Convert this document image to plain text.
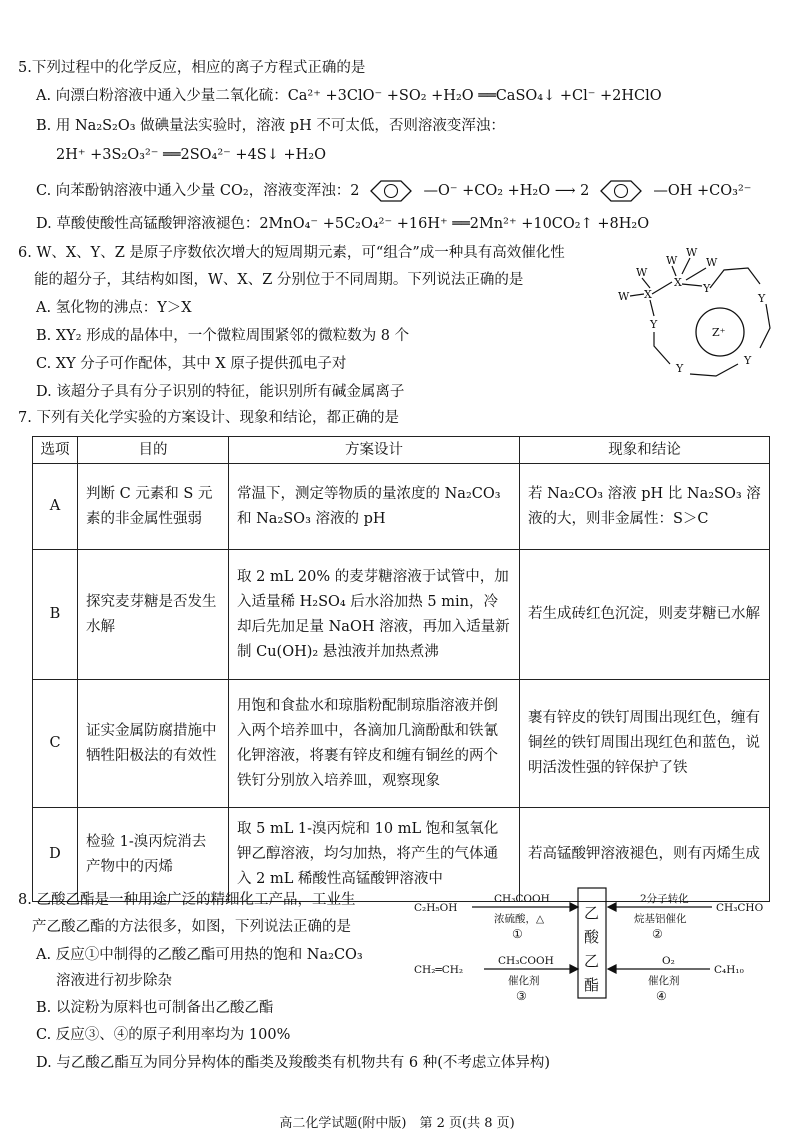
5.下列过程中的化学反应，相应的离子方程式正确的是
A. 向漂白粉溶液中通入少量二氧化硫：Ca²⁺ +3ClO⁻ +SO₂ +H₂O ══CaSO₄↓ +Cl⁻ +2HClO
B. 用 Na₂S₂O₃ 做碘量法实验时，溶液 pH 不可太低，否则溶液变浑浊：
2H⁺ +3S₂O₃²⁻ ══2SO₄²⁻ +4S↓ +H₂O
C. 向苯酚钠溶液中通入少量 CO₂，溶液变浑浊：2	—O⁻ +CO₂ +H₂O ⟶ 2	—OH +CO₃²⁻
D. 草酸使酸性高锰酸钾溶液褪色：2MnO₄⁻ +5C₂O₄²⁻ +16H⁺ ══2Mn²⁺ +10CO₂↑ +8H₂O
6. W、X、Y、Z 是原子序数依次增大的短周期元素，可“组合”成一种具有高效催化性
能的超分子，其结构如图，W、X、Z 分别位于不同周期。下列说法正确的是
A. 氢化物的沸点：Y＞X
B. XY₂ 形成的晶体中，一个微粒周围紧邻的微粒数为 8 个
C. XY 分子可作配体，其中 X 原子提供孤电子对
D. 该超分子具有分子识别的特征，能识别所有碱金属离子
W
W
W
W
W
X
X Y
Y
Y
Y
Y
Z⁺
7. 下列有关化学实验的方案设计、现象和结论，都正确的是
选项	目的	方案设计	现象和结论
A	判断 C 元素和 S 元素的非金属性强弱	常温下，测定等物质的量浓度的 Na₂CO₃ 和 Na₂SO₃ 溶液的 pH	若 Na₂CO₃ 溶液 pH 比 Na₂SO₃ 溶液的大，则非金属性：S＞C
B	探究麦芽糖是否发生水解	取 2 mL 20% 的麦芽糖溶液于试管中，加入适量稀 H₂SO₄ 后水浴加热 5 min，冷却后先加足量 NaOH 溶液，再加入适量新制 Cu(OH)₂ 悬浊液并加热煮沸	若生成砖红色沉淀，则麦芽糖已水解
C	证实金属防腐措施中牺牲阳极法的有效性	用饱和食盐水和琼脂粉配制琼脂溶液并倒入两个培养皿中，各滴加几滴酚酞和铁氰化钾溶液，将裹有锌皮和缠有铜丝的两个铁钉分别放入培养皿，观察现象	裹有锌皮的铁钉周围出现红色，缠有铜丝的铁钉周围出现红色和蓝色，说明活泼性强的锌保护了铁
D	检验 1-溴丙烷消去产物中的丙烯	取 5 mL 1-溴丙烷和 10 mL 饱和氢氧化钾乙醇溶液，均匀加热，将产生的气体通入 2 mL 稀酸性高锰酸钾溶液中	若高锰酸钾溶液褪色，则有丙烯生成
8. 乙酸乙酯是一种用途广泛的精细化工产品，工业生
产乙酸乙酯的方法很多，如图，下列说法正确的是
A. 反应①中制得的乙酸乙酯可用热的饱和 Na₂CO₃
溶液进行初步除杂
B. 以淀粉为原料也可制备出乙酸乙酯
C. 反应③、④的原子利用率均为 100%
D. 与乙酸乙酯互为同分异构体的酯类及羧酸类有机物共有 6 种(不考虑立体异构)
C₂H₅OH
CH₃COOH
浓硫酸，△
①
CH₃CHO
2分子转化
烷基铝催化
②
CH₂═CH₂
CH₃COOH
催化剂
③
C₄H₁₀
O₂
催化剂
④
乙
酸
乙
酯
高二化学试题(附中版)　第 2 页(共 8 页)
